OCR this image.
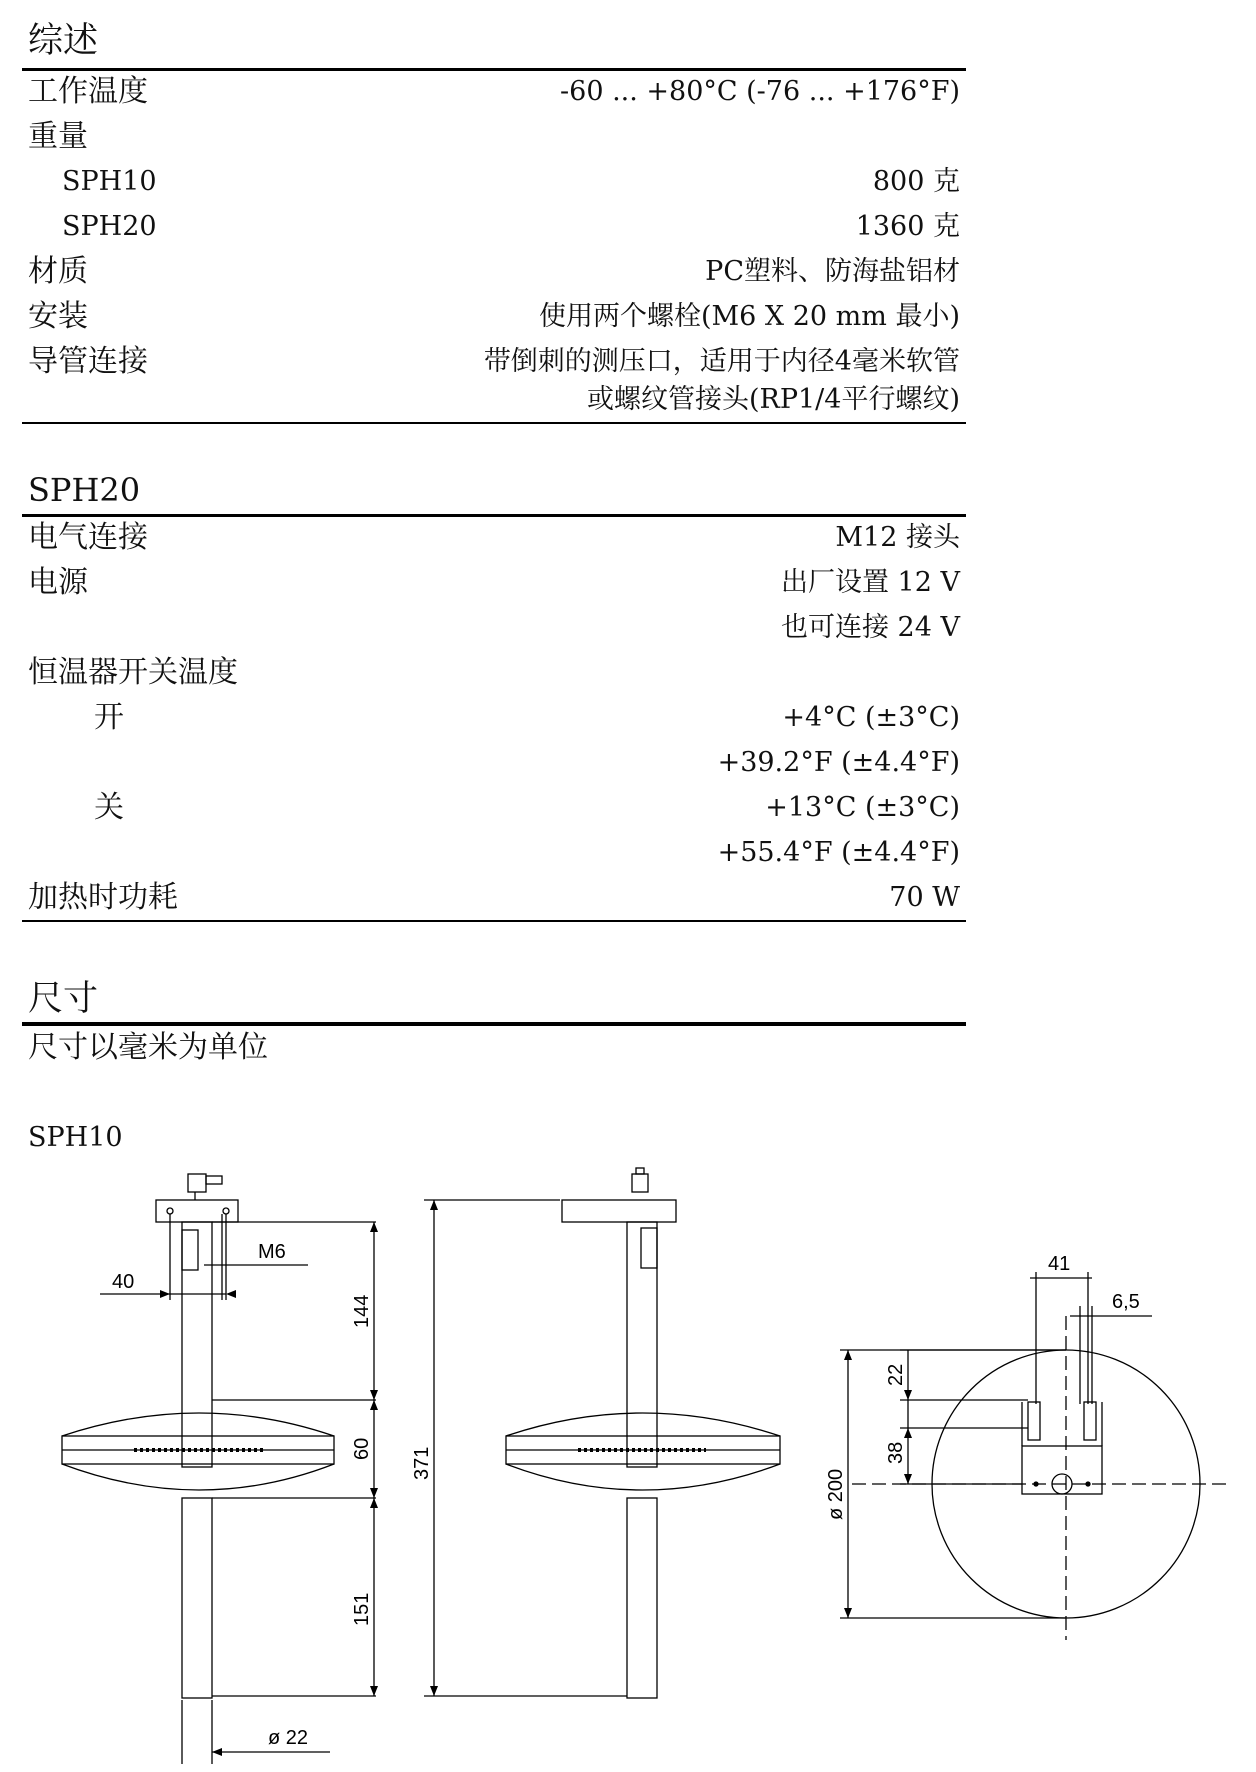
综述
工作温度	-60 ... +80°C (-76 ... +176°F)
重量
SPH10	800 克
SPH20	1360 克
材质	PC塑料、防海盐铝材
安装	使用两个螺栓(M6 X 20 mm 最小)
导管连接	带倒刺的测压口，适用于内径4毫米软管
或螺纹管接头(RP1/4平行螺纹)
SPH20
电气连接	M12 接头
电源	出厂设置 12 V
也可连接 24 V
恒温器开关温度
开	+4°C (±3°C)
+39.2°F (±4.4°F)
关	+13°C (±3°C)
+55.4°F (±4.4°F)
加热时功耗	70 W
尺寸
尺寸以毫米为单位
SPH10
M6
40
144
60
151
ø 22
371
41
6,5
22
38
ø 200
